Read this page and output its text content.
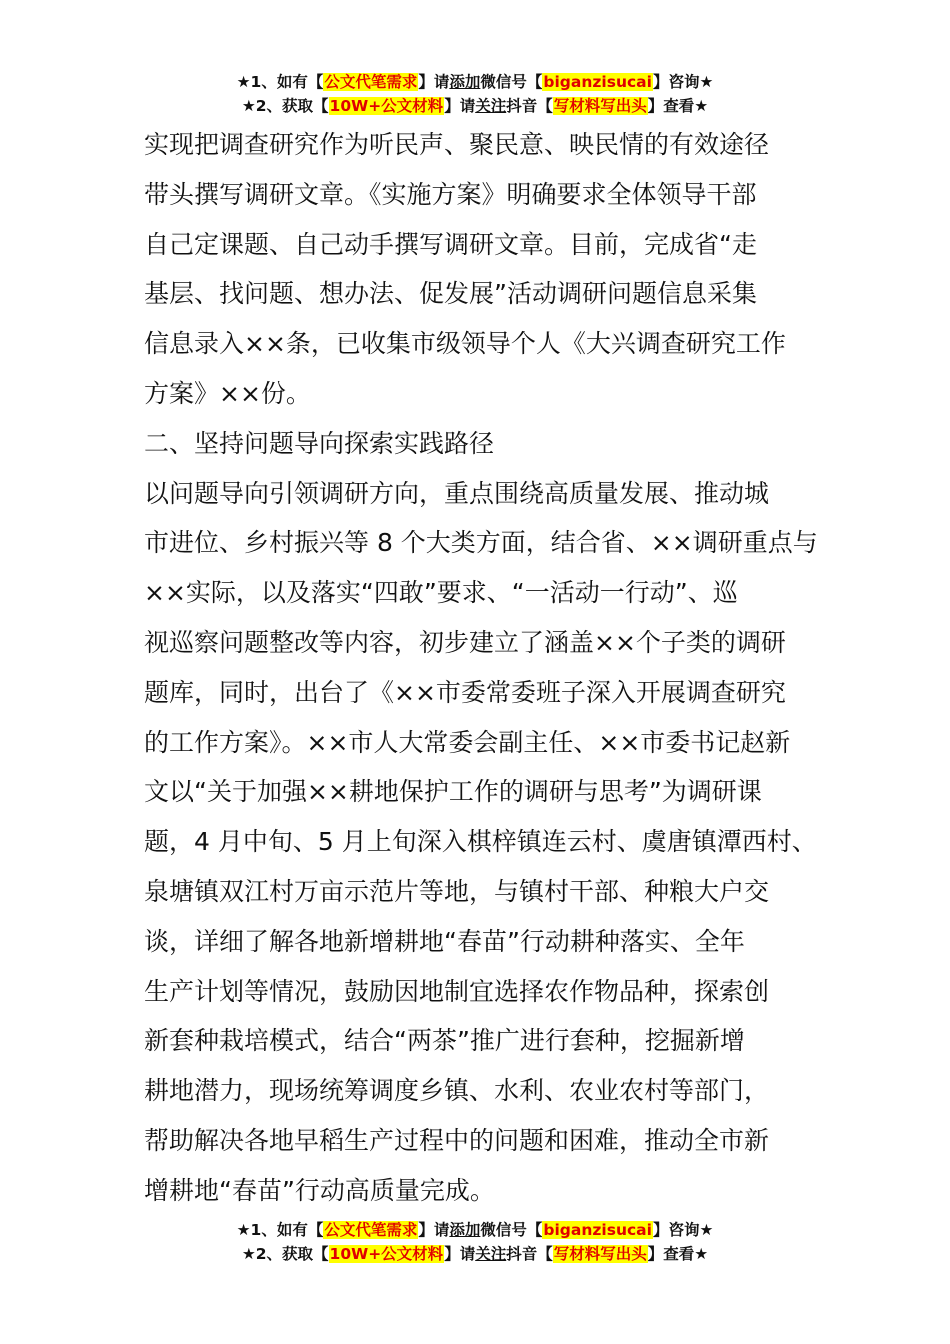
★1、如有【公文代笔需求】请添加微信号【biganzisucai】咨询★
★2、获取【10W+公文材料】请关注抖音【写材料写出头】查看★
实现把调查研究作为听民声、聚民意、映民情的有效途径
带头撰写调研文章。《实施方案》明确要求全体领导干部
自己定课题、自己动手撰写调研文章。目前，完成省“走
基层、找问题、想办法、促发展”活动调研问题信息采集
信息录入××条，已收集市级领导个人《大兴调查研究工作
方案》××份。
二、坚持问题导向探索实践路径
以问题导向引领调研方向，重点围绕高质量发展、推动城
市进位、乡村振兴等 8 个大类方面，结合省、××调研重点与
××实际，以及落实“四敢”要求、“一活动一行动”、巡
视巡察问题整改等内容，初步建立了涵盖××个子类的调研
题库，同时，出台了《××市委常委班子深入开展调查研究
的工作方案》。××市人大常委会副主任、××市委书记赵新
文以“关于加强××耕地保护工作的调研与思考”为调研课
题，4 月中旬、5 月上旬深入棋梓镇连云村、虞唐镇潭西村、
泉塘镇双江村万亩示范片等地，与镇村干部、种粮大户交
谈，详细了解各地新增耕地“春苗”行动耕种落实、全年
生产计划等情况，鼓励因地制宜选择农作物品种，探索创
新套种栽培模式，结合“两茶”推广进行套种，挖掘新增
耕地潜力，现场统筹调度乡镇、水利、农业农村等部门，
帮助解决各地早稻生产过程中的问题和困难，推动全市新
增耕地“春苗”行动高质量完成。
★1、如有【公文代笔需求】请添加微信号【biganzisucai】咨询★
★2、获取【10W+公文材料】请关注抖音【写材料写出头】查看★
